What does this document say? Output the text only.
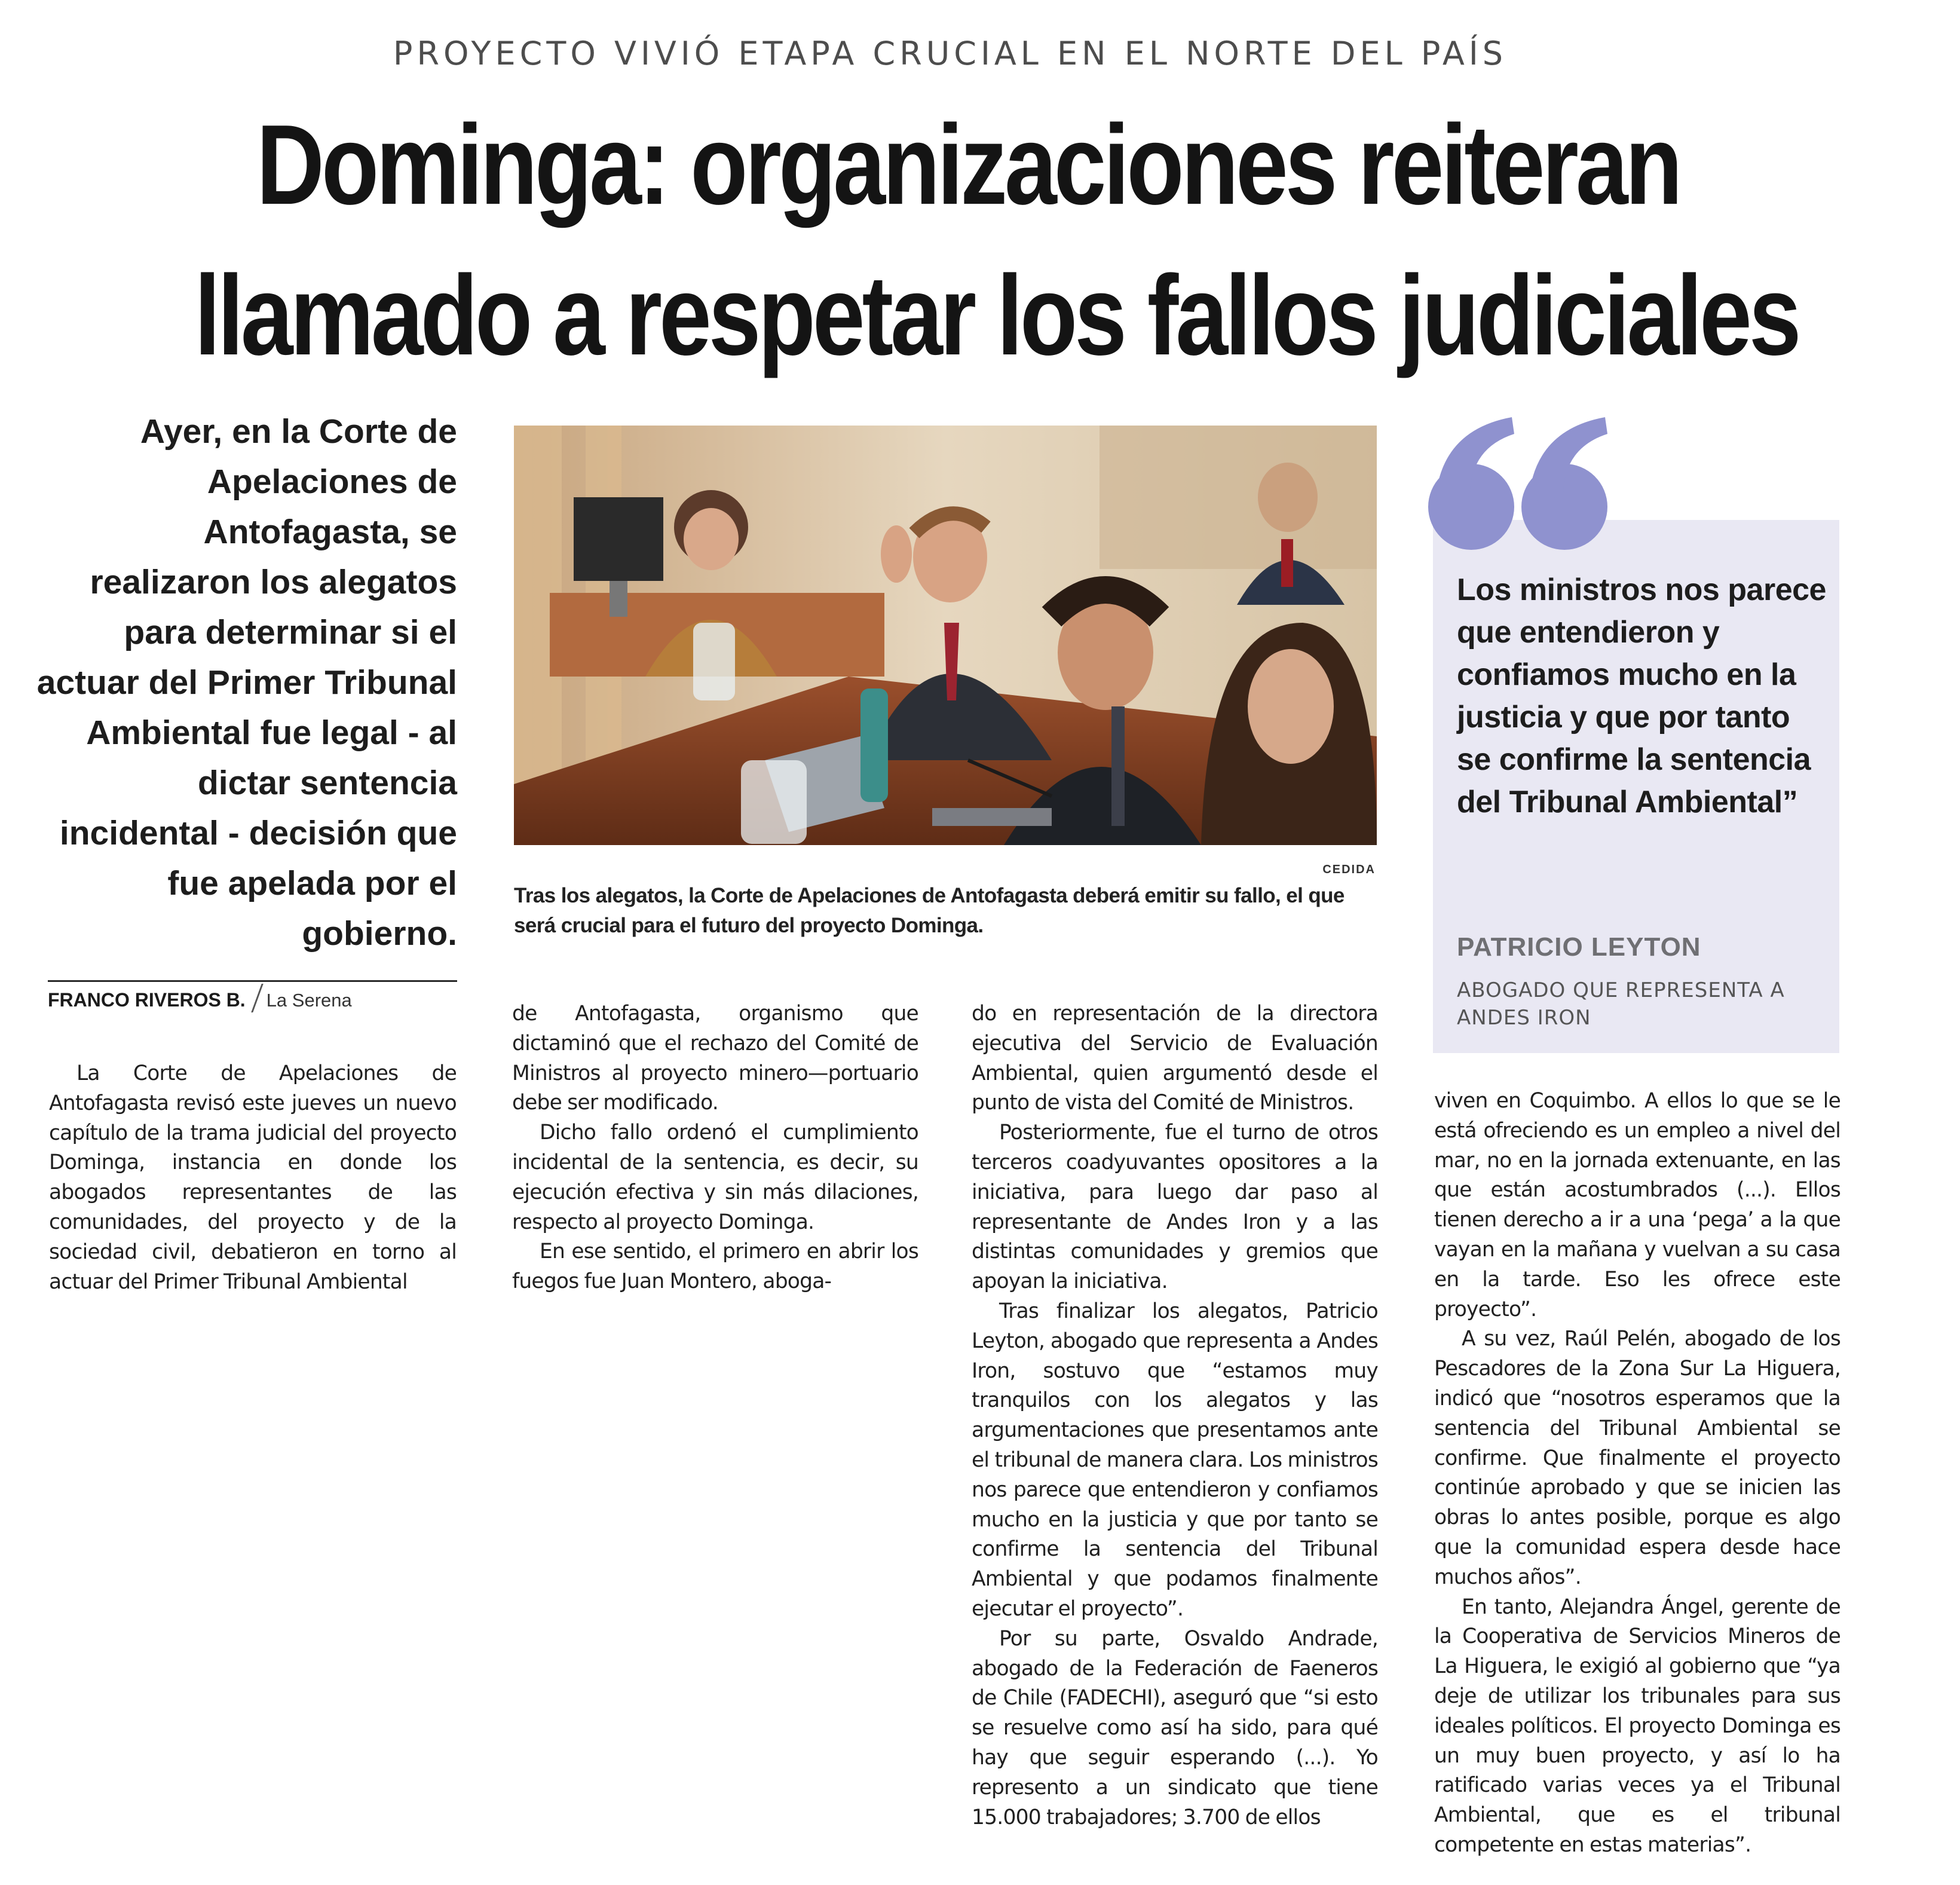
PROYECTO VIVIÓ ETAPA CRUCIAL EN EL NORTE DEL PAÍS
Dominga: organizaciones reiteran
llamado a respetar los fallos judiciales
Ayer, en la Corte de Apelaciones de Antofagasta, se realizaron los alegatos para determinar si el actuar del Primer Tribunal Ambiental fue legal - al dictar sentencia incidental - decisión que fue apelada por el gobierno.
CEDIDA
Tras los alegatos, la Corte de Apelaciones de Antofagasta deberá emitir su fallo, el que será crucial para el futuro del proyecto Dominga.
Los ministros nos parece que entendieron y confiamos mucho en la justicia y que por tanto se confirme la sentencia del Tribunal Ambiental”
PATRICIO LEYTON
ABOGADO QUE REPRESENTA A ANDES IRON
FRANCO RIVEROS B. La Serena

La Corte de Apelaciones de Antofagasta revisó este jueves un nuevo capítulo de la trama judicial del proyecto Dominga, instancia en donde los abogados representantes de las comunidades, del proyecto y de la sociedad civil, debatieron en torno al actuar del Primer Tribunal Ambiental

de Antofagasta, organismo que dictaminó que el rechazo del Comité de Ministros al proyecto minero—portuario debe ser modificado.

Dicho fallo ordenó el cumplimiento incidental de la sentencia, es decir, su ejecución efectiva y sin más dilaciones, respecto al proyecto Dominga.

En ese sentido, el primero en abrir los fuegos fue Juan Montero, aboga-

do en representación de la directora ejecutiva del Servicio de Evaluación Ambiental, quien argumentó desde el punto de vista del Comité de Ministros.

Posteriormente, fue el turno de otros terceros coadyuvantes opositores a la iniciativa, para luego dar paso al representante de Andes Iron y a las distintas comunidades y gremios que apoyan la iniciativa.

Tras finalizar los alegatos, Patricio Leyton, abogado que representa a Andes Iron, sostuvo que “estamos muy tranquilos con los alegatos y las argumentaciones que presentamos ante el tribunal de manera clara. Los ministros nos parece que entendieron y confiamos mucho en la justicia y que por tanto se confirme la sentencia del Tribunal Ambiental y que podamos finalmente ejecutar el proyecto”.

Por su parte, Osvaldo Andrade, abogado de la Federación de Faeneros de Chile (FADECHI), aseguró que “si esto se resuelve como así ha sido, para qué hay que seguir esperando (...). Yo represento a un sindicato que tiene 15.000 trabajadores; 3.700 de ellos

viven en Coquimbo. A ellos lo que se le está ofreciendo es un empleo a nivel del mar, no en la jornada extenuante, en las que están acostumbrados (...). Ellos tienen derecho a ir a una ‘pega’ a la que vayan en la mañana y vuelvan a su casa en la tarde. Eso les ofrece este proyecto”.

A su vez, Raúl Pelén, abogado de los Pescadores de la Zona Sur La Higuera, indicó que “nosotros esperamos que la sentencia del Tribunal Ambiental se confirme. Que finalmente el proyecto continúe aprobado y que se inicien las obras lo antes posible, porque es algo que la comunidad espera desde hace muchos años”.

En tanto, Alejandra Ángel, gerente de la Cooperativa de Servicios Mineros de La Higuera, le exigió al gobierno que “ya deje de utilizar los tribunales para sus ideales políticos. El proyecto Dominga es un muy buen proyecto, y así lo ha ratificado varias veces ya el Tribunal Ambiental, que es el tribunal competente en estas materias”.
